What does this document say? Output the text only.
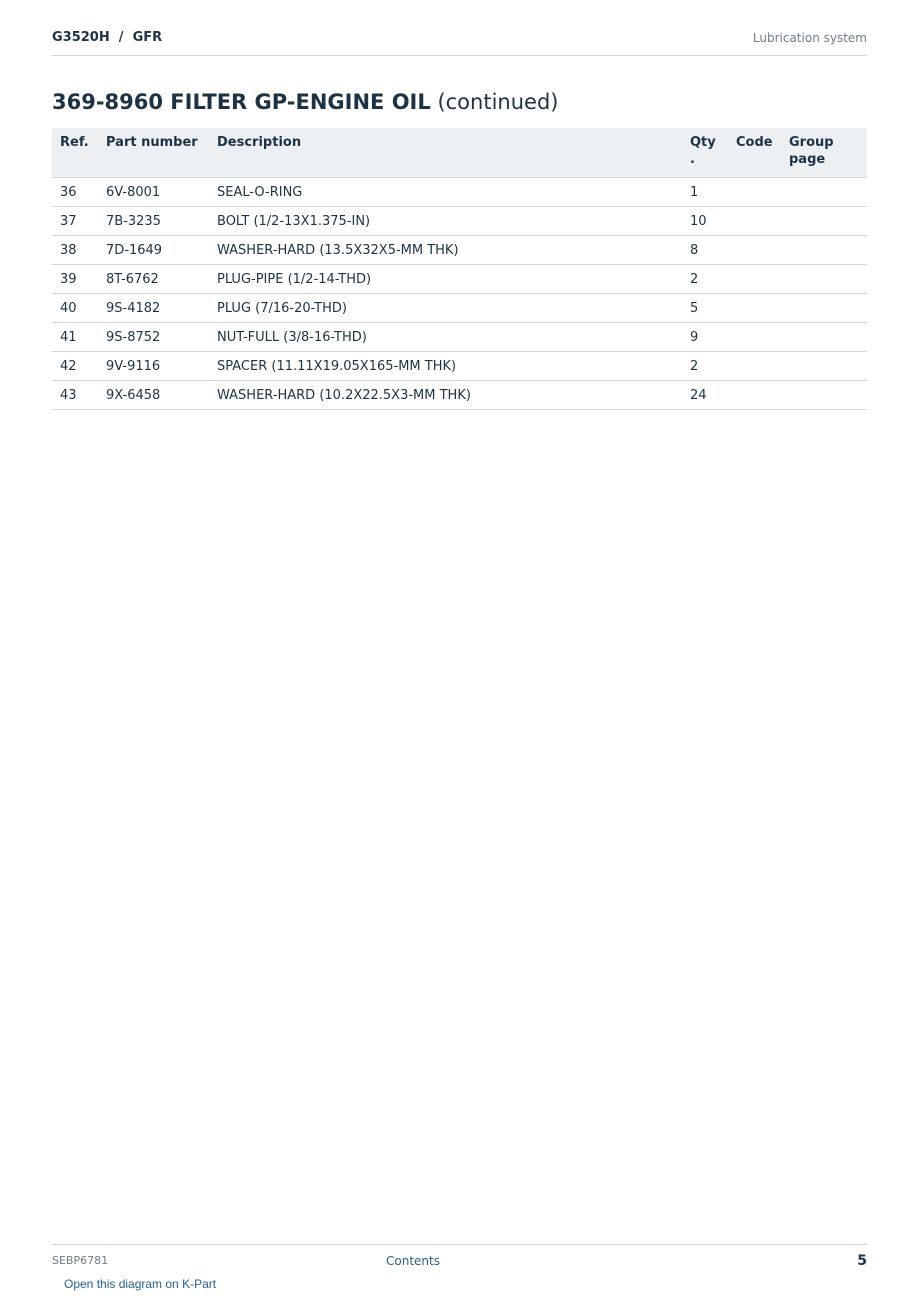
G3520H  /  GFR	Lubrication system
369-8960 FILTER GP-ENGINE OIL (continued)
Ref.	Part number	Description	Qty.	Code	Group page
36	6V-8001	SEAL-O-RING	1		
37	7B-3235	BOLT (1/2-13X1.375-IN)	10		
38	7D-1649	WASHER-HARD (13.5X32X5-MM THK)	8		
39	8T-6762	PLUG-PIPE (1/2-14-THD)	2		
40	9S-4182	PLUG (7/16-20-THD)	5		
41	9S-8752	NUT-FULL (3/8-16-THD)	9		
42	9V-9116	SPACER (11.11X19.05X165-MM THK)	2		
43	9X-6458	WASHER-HARD (10.2X22.5X3-MM THK)	24		
SEBP6781	Contents	5
Open this diagram on K-Part
